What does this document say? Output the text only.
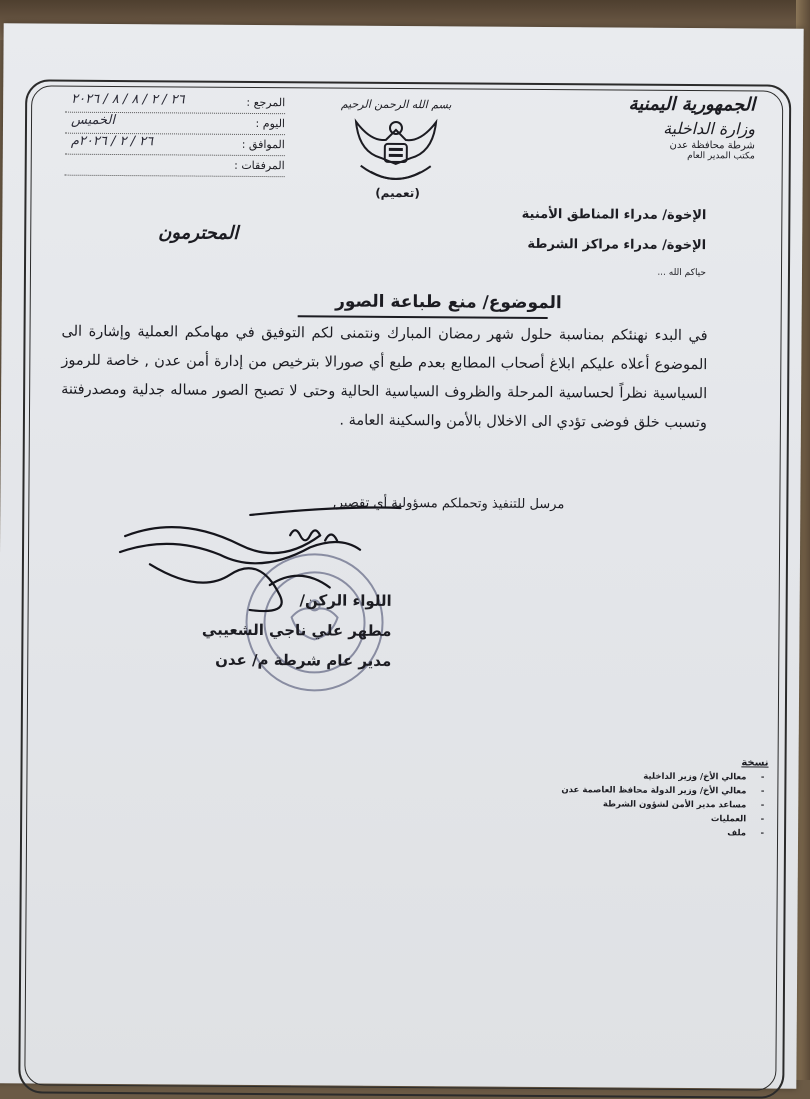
الجمهورية اليمنية
وزارة الداخلية
شرطة محافظة عدن
مكتب المدير العام
بسم الله الرحمن الرحيم
المرجع :
٢٦ / ٢ / ٨ / ٨ / ٢٠٢٦
اليوم :
الخميس
الموافق :
٢٦ / ٢ / ٢٠٢٦م
المرفقات :
(تعميم)
الإخوة/ مدراء المناطق الأمنية
الإخوة/ مدراء مراكز الشرطة
حياكم الله ...
المحترمون
الموضوع/ منع طباعة الصور
في البدء نهنئكم بمناسبة حلول شهر رمضان المبارك ونتمنى لكم التوفيق في مهامكم العملية وإشارة الى الموضوع أعلاه عليكم ابلاغ أصحاب المطابع بعدم طبع أي صورالا بترخيص من إدارة أمن عدن , خاصة للرموز السياسية نظراً لحساسية المرحلة والظروف السياسية الحالية وحتى لا تصبح الصور مساله جدلية ومصدرفتنة وتسبب خلق فوضى تؤدي الى الاخلال بالأمن والسكينة العامة .
مرسل للتنفيذ وتحملكم مسؤولية أي تقصير,
اللواء الركن/
مطهر علي ناجي الشعيبي
مدير عام شرطة م/ عدن
نسخة
- معالي الأخ/ وزير الداخلية
- معالي الأخ/ وزير الدولة محافظ العاصمة عدن
- مساعد مدير الأمن لشؤون الشرطة
- العمليات
- ملف
